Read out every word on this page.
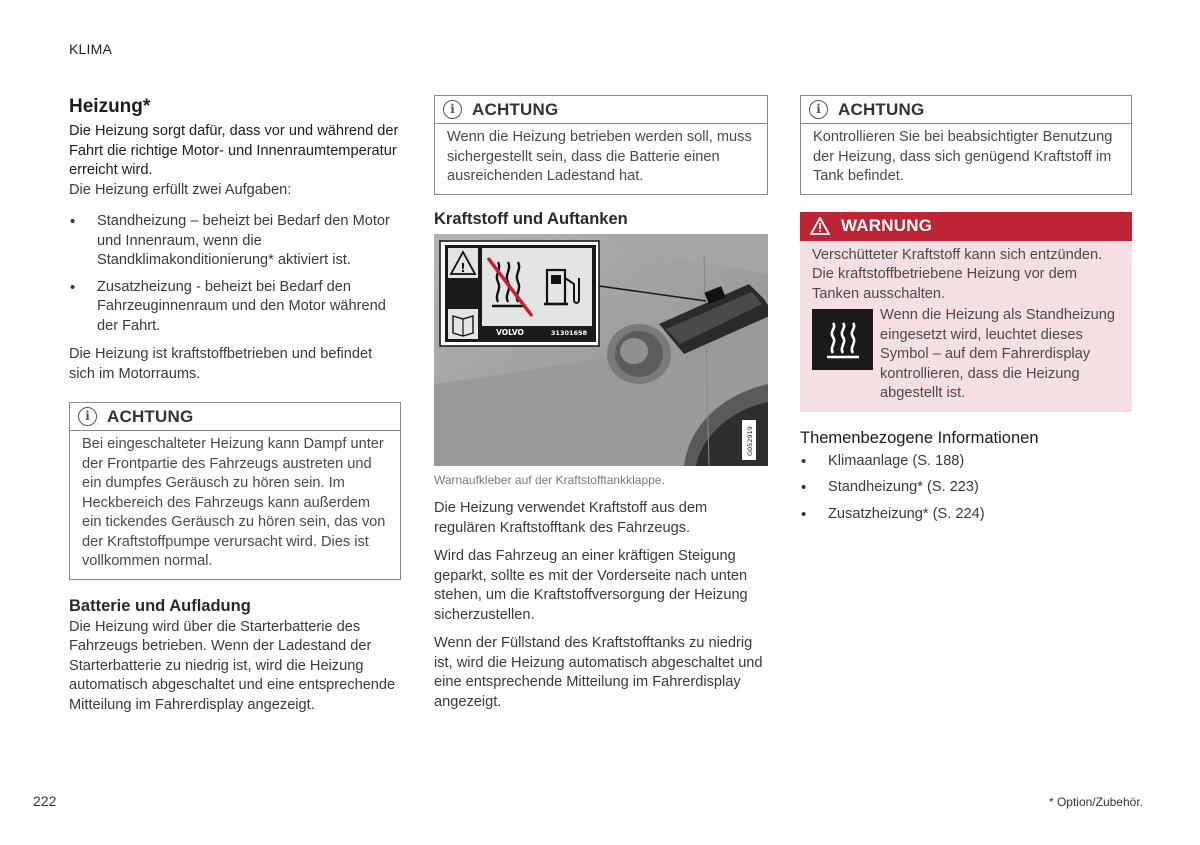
KLIMA
Heizung*

Die Heizung sorgt dafür, dass vor und während der Fahrt die richtige Motor- und Innenraumtemperatur erreicht wird.

Die Heizung erfüllt zwei Aufgaben:

• Standheizung – beheizt bei Bedarf den Motor und Innenraum, wenn die Standklimakonditionierung* aktiviert ist.
• Zusatzheizung - beheizt bei Bedarf den Fahrzeuginnenraum und den Motor während der Fahrt.

Die Heizung ist kraftstoffbetrieben und befindet sich im Motorraums.

i	ACHTUNG
Bei eingeschalteter Heizung kann Dampf unter der Frontpartie des Fahrzeugs austreten und ein dumpfes Geräusch zu hören sein. Im Heckbereich des Fahrzeugs kann außerdem ein tickendes Geräusch zu hören sein, das von der Kraftstoffpumpe verursacht wird. Dies ist vollkommen normal.
Batterie und Aufladung

Die Heizung wird über die Starterbatterie des Fahrzeugs betrieben. Wenn der Ladestand der Starterbatterie zu niedrig ist, wird die Heizung automatisch abgeschaltet und eine entsprechende Mitteilung im Fahrerdisplay angezeigt.

i	ACHTUNG
Wenn die Heizung betrieben werden soll, muss sichergestellt sein, dass die Batterie einen ausreichenden Ladestand hat.
Kraftstoff und Auftanken
!
VOLVO	31301658
G052919
Warnaufkleber auf der Kraftstofftankklappe.

Die Heizung verwendet Kraftstoff aus dem regulären Kraftstofftank des Fahrzeugs.

Wird das Fahrzeug an einer kräftigen Steigung geparkt, sollte es mit der Vorderseite nach unten stehen, um die Kraftstoffversorgung der Heizung sicherzustellen.

Wenn der Füllstand des Kraftstofftanks zu niedrig ist, wird die Heizung automatisch abgeschaltet und eine entsprechende Mitteilung im Fahrerdisplay angezeigt.

i	ACHTUNG
Kontrollieren Sie bei beabsichtigter Benutzung der Heizung, dass sich genügend Kraftstoff im Tank befindet.
WARNUNG
Verschütteter Kraftstoff kann sich entzünden. Die kraftstoffbetriebene Heizung vor dem Tanken ausschalten.
Wenn die Heizung als Standheizung eingesetzt wird, leuchtet dieses Symbol – auf dem Fahrerdisplay kontrollieren, dass die Heizung abgestellt ist.
Themenbezogene Informationen
• Klimaanlage (S. 188)
• Standheizung* (S. 223)
• Zusatzheizung* (S. 224)
222	* Option/Zubehör.
